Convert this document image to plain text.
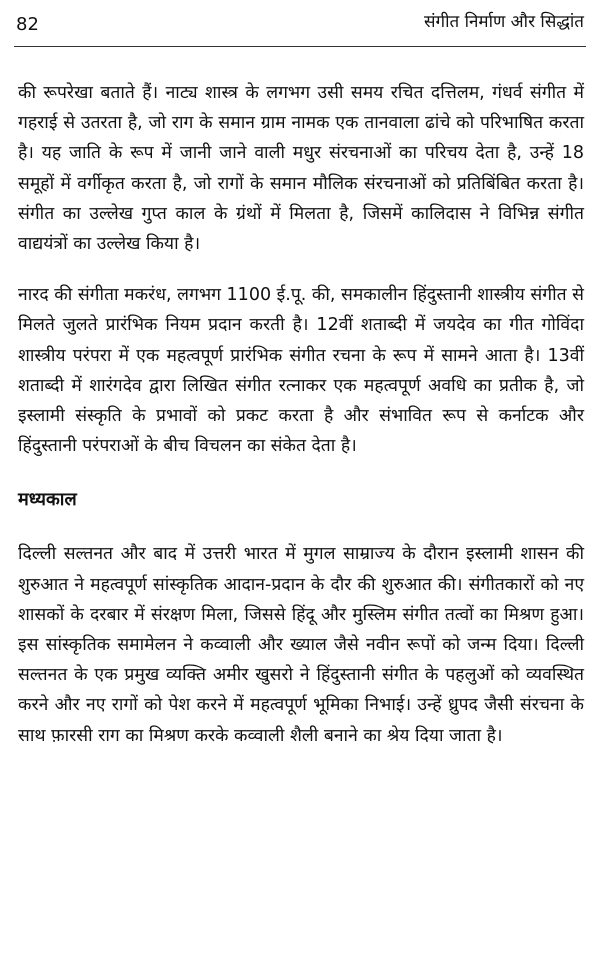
82	संगीत निर्माण और सिद्धांत

की रूपरेखा बताते हैं। नाट्य शास्त्र के लगभग उसी समय रचित दत्तिलम, गंधर्व संगीत में गहराई से उतरता है, जो राग के समान ग्राम नामक एक तानवाला ढांचे को परिभाषित करता है। यह जाति के रूप में जानी जाने वाली मधुर संरचनाओं का परिचय देता है, उन्हें 18 समूहों में वर्गीकृत करता है, जो रागों के समान मौलिक संरचनाओं को प्रतिबिंबित करता है। संगीत का उल्लेख गुप्त काल के ग्रंथों में मिलता है, जिसमें कालिदास ने विभिन्न संगीत वाद्ययंत्रों का उल्लेख किया है।

नारद की संगीता मकरंध, लगभग 1100 ई.पू. की, समकालीन हिंदुस्तानी शास्त्रीय संगीत से मिलते जुलते प्रारंभिक नियम प्रदान करती है। 12वीं शताब्दी में जयदेव का गीत गोविंदा शास्त्रीय परंपरा में एक महत्वपूर्ण प्रारंभिक संगीत रचना के रूप में सामने आता है। 13वीं शताब्दी में शारंगदेव द्वारा लिखित संगीत रत्नाकर एक महत्वपूर्ण अवधि का प्रतीक है, जो इस्लामी संस्कृति के प्रभावों को प्रकट करता है और संभावित रूप से कर्नाटक और हिंदुस्तानी परंपराओं के बीच विचलन का संकेत देता है।

मध्यकाल

दिल्ली सल्तनत और बाद में उत्तरी भारत में मुगल साम्राज्य के दौरान इस्लामी शासन की शुरुआत ने महत्वपूर्ण सांस्कृतिक आदान-प्रदान के दौर की शुरुआत की। संगीतकारों को नए शासकों के दरबार में संरक्षण मिला, जिससे हिंदू और मुस्लिम संगीत तत्वों का मिश्रण हुआ। इस सांस्कृतिक समामेलन ने कव्वाली और ख्याल जैसे नवीन रूपों को जन्म दिया। दिल्ली सल्तनत के एक प्रमुख व्यक्ति अमीर खुसरो ने हिंदुस्तानी संगीत के पहलुओं को व्यवस्थित करने और नए रागों को पेश करने में महत्वपूर्ण भूमिका निभाई। उन्हें ध्रुपद जैसी संरचना के साथ फ़ारसी राग का मिश्रण करके कव्वाली शैली बनाने का श्रेय दिया जाता है।
